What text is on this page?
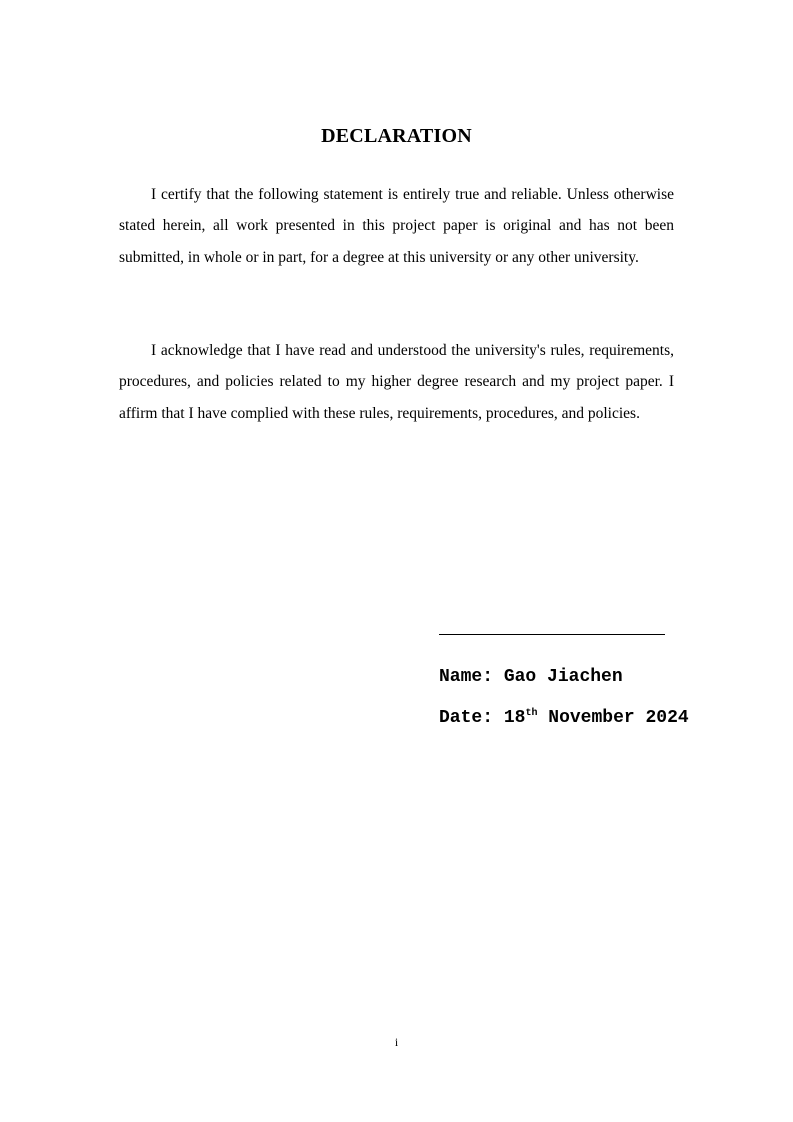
DECLARATION

I certify that the following statement is entirely true and reliable. Unless otherwise stated herein, all work presented in this project paper is original and has not been submitted, in whole or in part, for a degree at this university or any other university.

I acknowledge that I have read and understood the university's rules, requirements, procedures, and policies related to my higher degree research and my project paper. I affirm that I have complied with these rules, requirements, procedures, and policies.

Name: Gao Jiachen
Date: 18th November 2024
i
